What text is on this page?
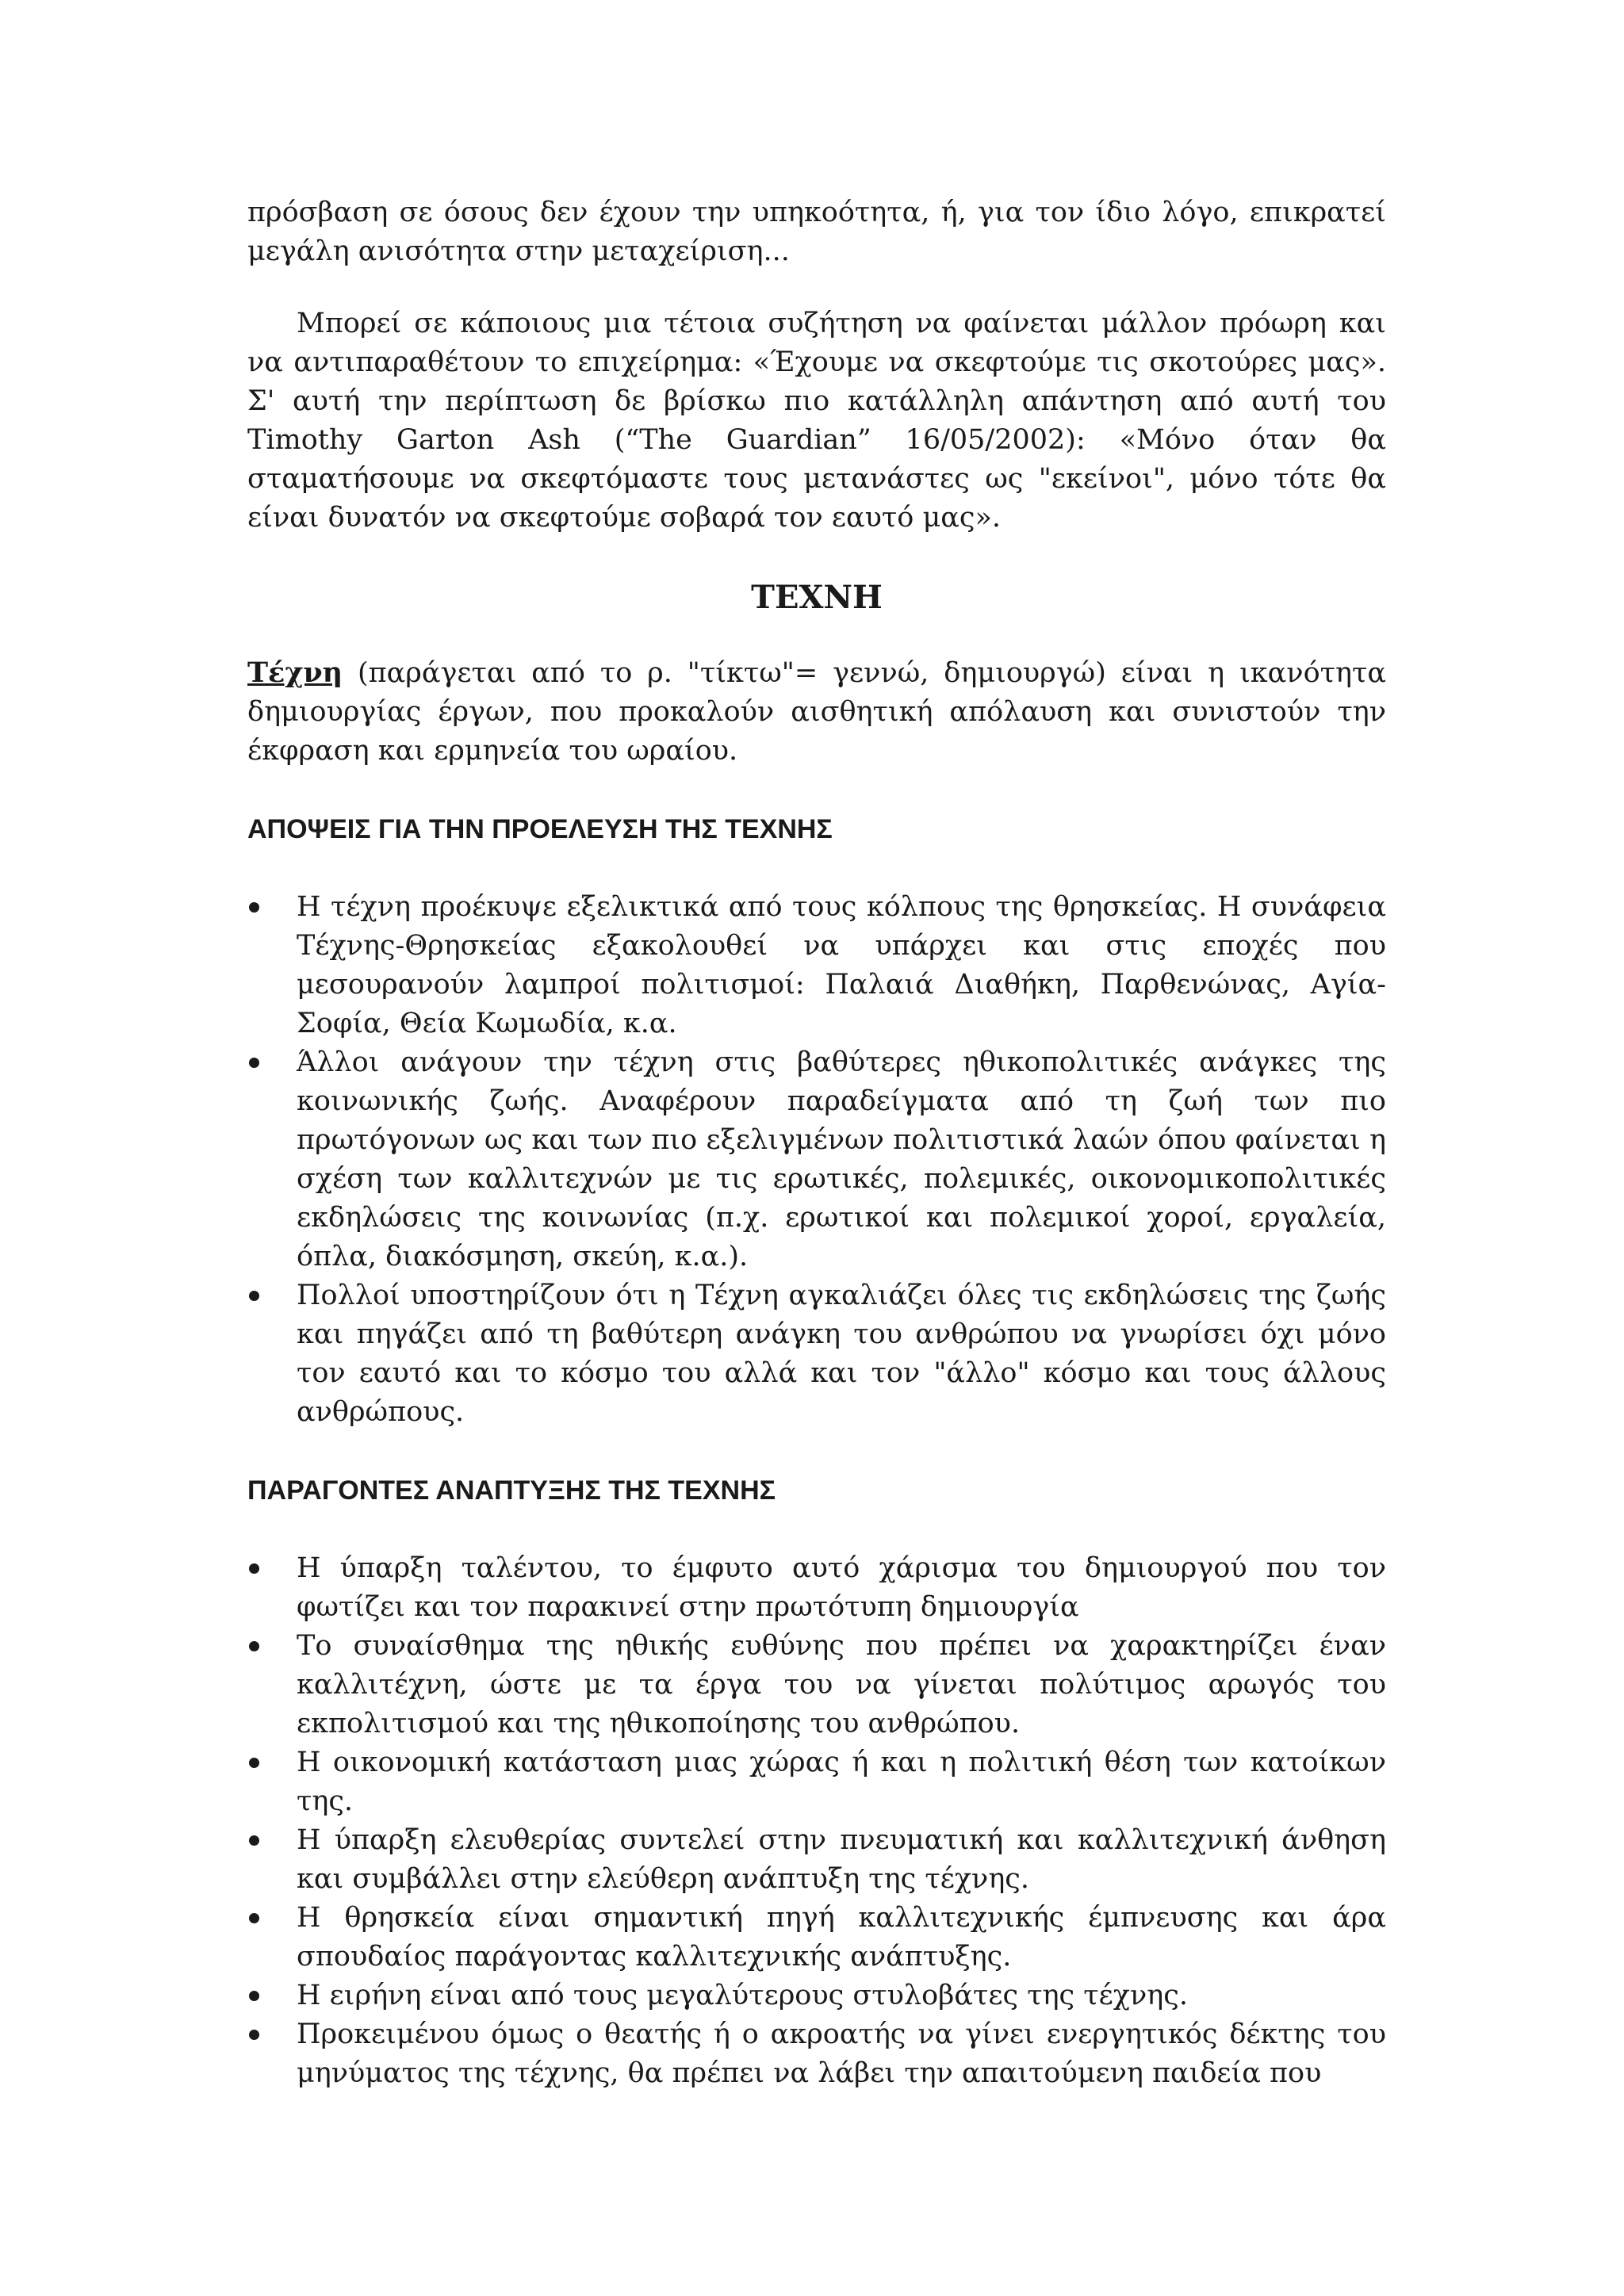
πρόσβαση σε όσους δεν έχουν την υπηκοότητα, ή, για τον ίδιο λόγο, επικρατεί μεγάλη ανισότητα στην μεταχείριση...

Μπορεί σε κάποιους μια τέτοια συζήτηση να φαίνεται μάλλον πρόωρη και να αντιπαραθέτουν το επιχείρημα: «Έχουμε να σκεφτούμε τις σκοτούρες μας». Σ' αυτή την περίπτωση δε βρίσκω πιο κατάλληλη απάντηση από αυτή του Timothy Garton Ash (“The Guardian” 16/05/2002): «Μόνο όταν θα σταματήσουμε να σκεφτόμαστε τους μετανάστες ως "εκείνοι", μόνο τότε θα είναι δυνατόν να σκεφτούμε σοβαρά τον εαυτό μας».

ΤΕΧΝΗ

Τέχνη (παράγεται από το ρ. "τίκτω"= γεννώ, δημιουργώ) είναι η ικανότητα δημιουργίας έργων, που προκαλούν αισθητική απόλαυση και συνιστούν την έκφραση και ερμηνεία του ωραίου.

ΑΠΟΨΕΙΣ ΓΙΑ ΤΗΝ ΠΡΟΕΛΕΥΣΗ ΤΗΣ ΤΕΧΝΗΣ
Η τέχνη προέκυψε εξελικτικά από τους κόλπους της θρησκείας. Η συνάφεια Τέχνης-Θρησκείας εξακολουθεί να υπάρχει και στις εποχές που μεσουρανούν λαμπροί πολιτισμοί: Παλαιά Διαθήκη, Παρθενώνας, Αγία-Σοφία, Θεία Κωμωδία, κ.α.
Άλλοι ανάγουν την τέχνη στις βαθύτερες ηθικοπολιτικές ανάγκες της κοινωνικής ζωής. Αναφέρουν παραδείγματα από τη ζωή των πιο πρωτόγονων ως και των πιο εξελιγμένων πολιτιστικά λαών όπου φαίνεται η σχέση των καλλιτεχνών με τις ερωτικές, πολεμικές, οικονομικοπολιτικές εκδηλώσεις της κοινωνίας (π.χ. ερωτικοί και πολεμικοί χοροί, εργαλεία, όπλα, διακόσμηση, σκεύη, κ.α.).
Πολλοί υποστηρίζουν ότι η Τέχνη αγκαλιάζει όλες τις εκδηλώσεις της ζωής και πηγάζει από τη βαθύτερη ανάγκη του ανθρώπου να γνωρίσει όχι μόνο τον εαυτό και το κόσμο του αλλά και τον "άλλο" κόσμο και τους άλλους ανθρώπους.
ΠΑΡΑΓΟΝΤΕΣ ΑΝΑΠΤΥΞΗΣ ΤΗΣ ΤΕΧΝΗΣ
Η ύπαρξη ταλέντου, το έμφυτο αυτό χάρισμα του δημιουργού που τον φωτίζει και τον παρακινεί στην πρωτότυπη δημιουργία
Το συναίσθημα της ηθικής ευθύνης που πρέπει να χαρακτηρίζει έναν καλλιτέχνη, ώστε με τα έργα του να γίνεται πολύτιμος αρωγός του εκπολιτισμού και της ηθικοποίησης του ανθρώπου.
Η οικονομική κατάσταση μιας χώρας ή και η πολιτική θέση των κατοίκων της.
Η ύπαρξη ελευθερίας συντελεί στην πνευματική και καλλιτεχνική άνθηση και συμβάλλει στην ελεύθερη ανάπτυξη της τέχνης.
Η θρησκεία είναι σημαντική πηγή καλλιτεχνικής έμπνευσης και άρα σπουδαίος παράγοντας καλλιτεχνικής ανάπτυξης.
Η ειρήνη είναι από τους μεγαλύτερους στυλοβάτες της τέχνης.
Προκειμένου όμως ο θεατής ή ο ακροατής να γίνει ενεργητικός δέκτης του μηνύματος της τέχνης, θα πρέπει να λάβει την απαιτούμενη παιδεία που
